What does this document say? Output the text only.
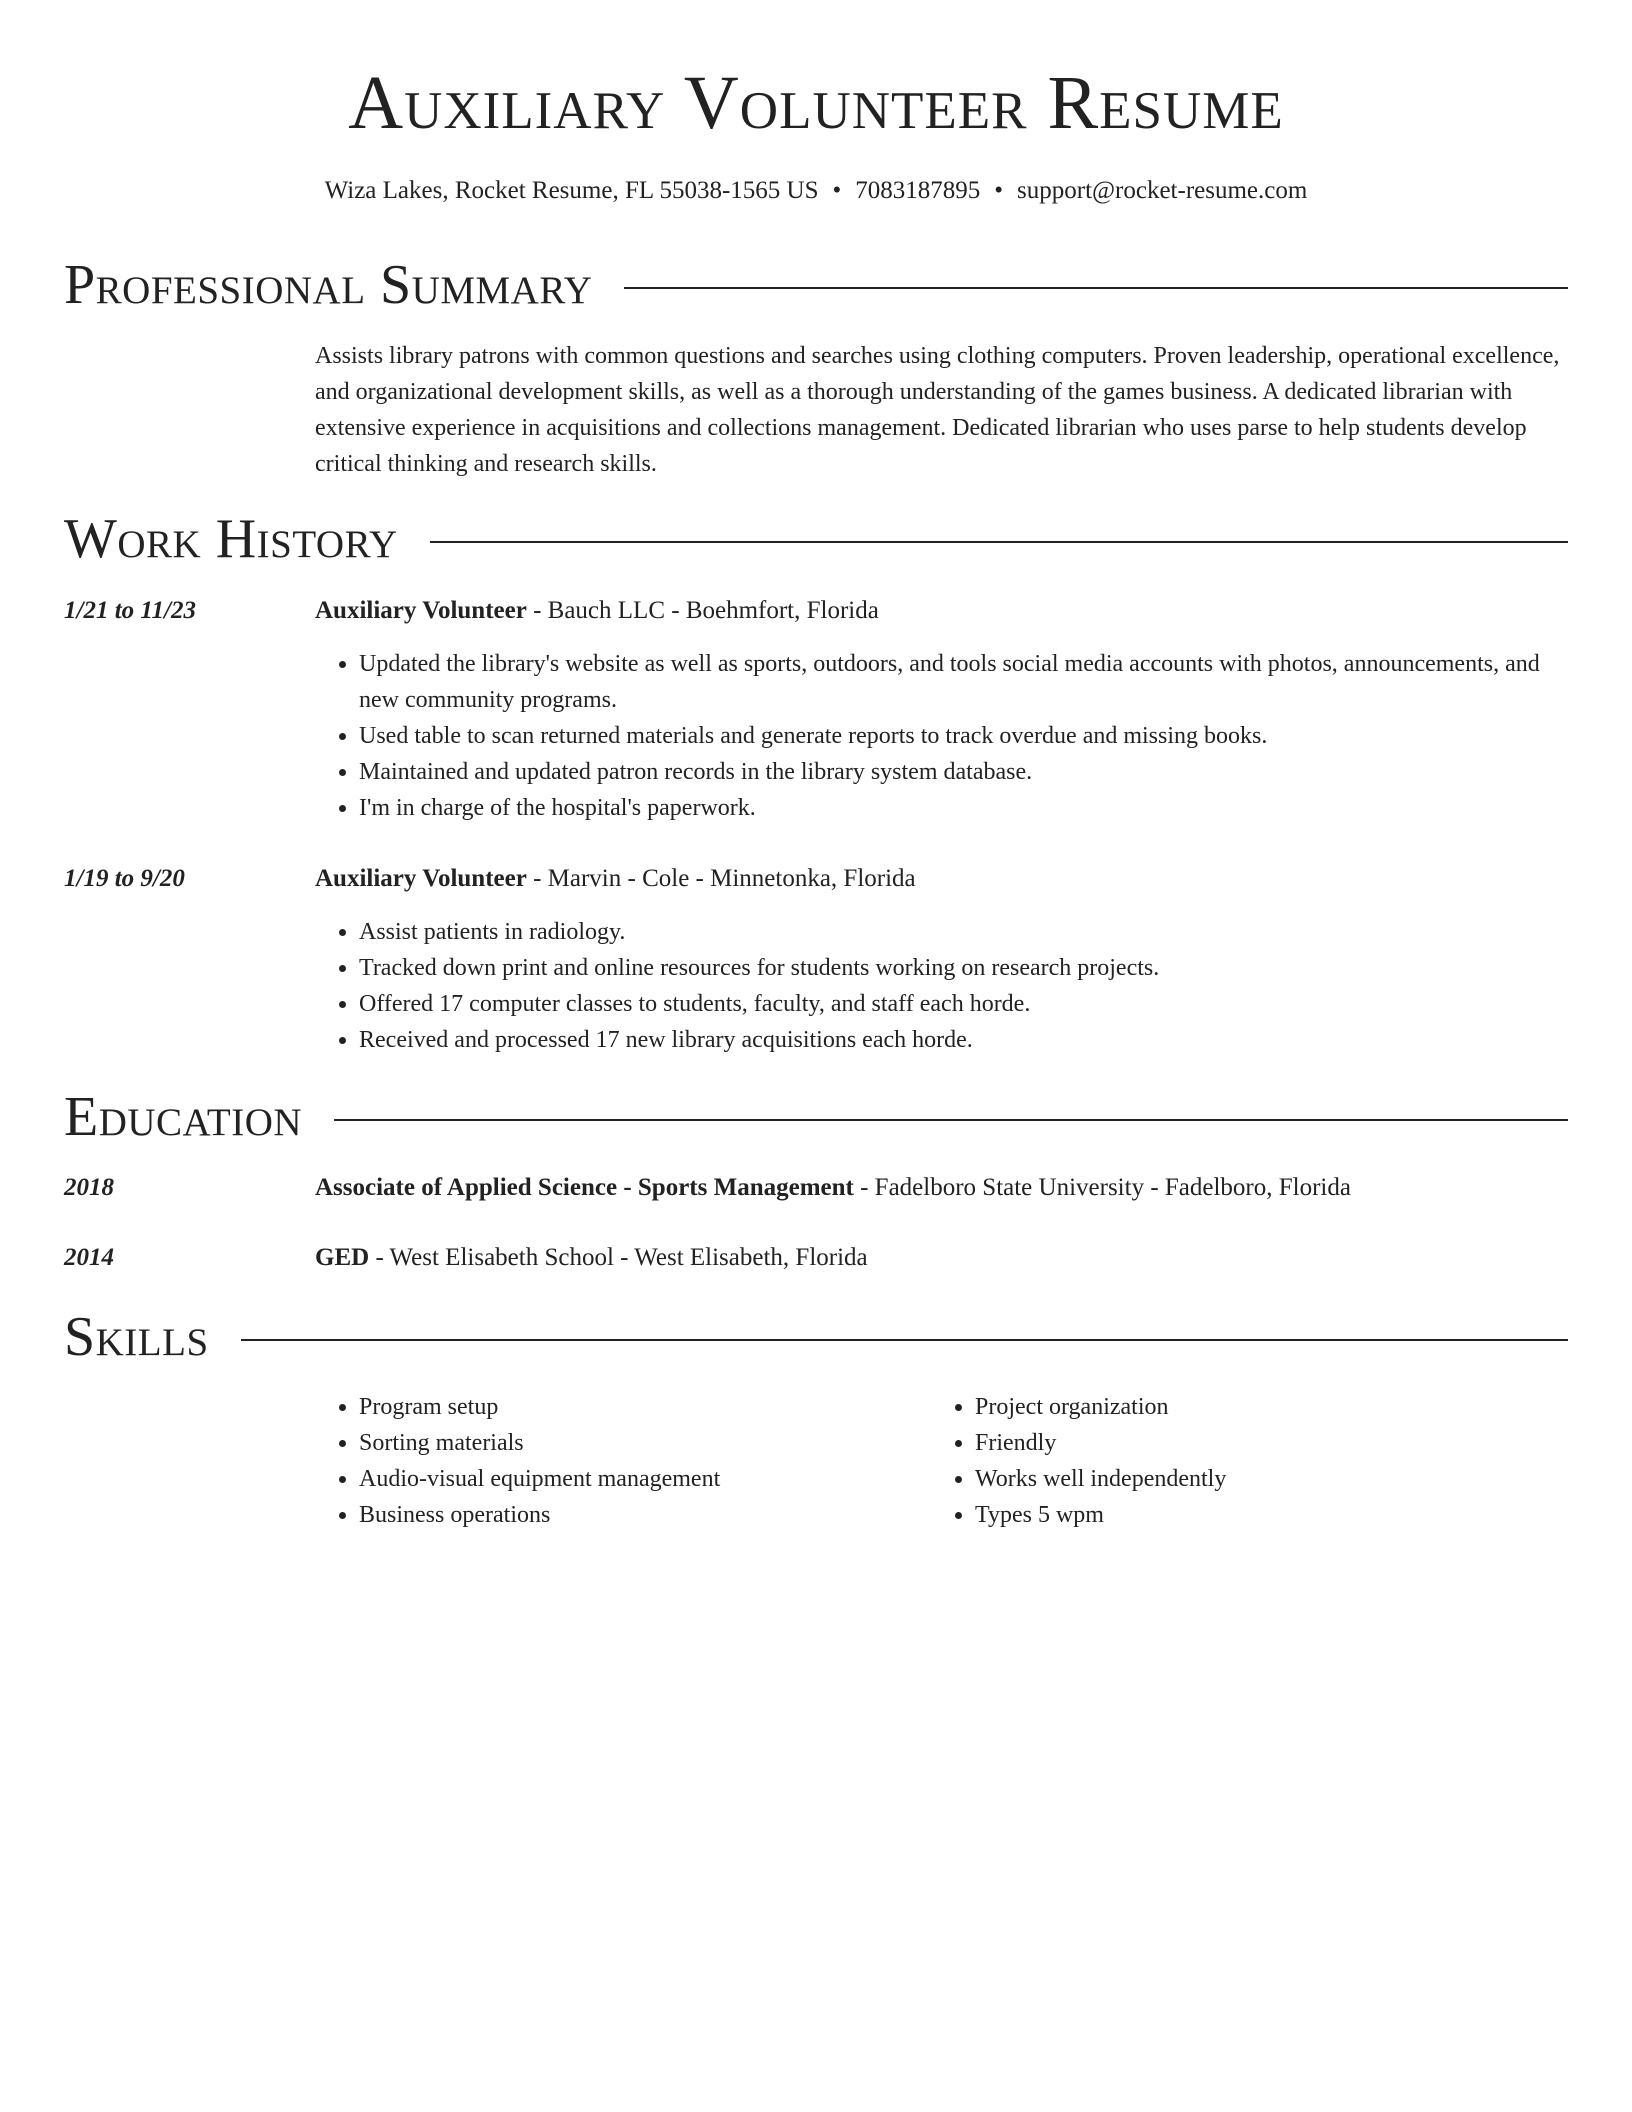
Auxiliary Volunteer Resume
Wiza Lakes, Rocket Resume, FL 55038-1565 US • 7083187895 • support@rocket-resume.com
Professional Summary
Assists library patrons with common questions and searches using clothing computers. Proven leadership, operational excellence, and organizational development skills, as well as a thorough understanding of the games business. A dedicated librarian with extensive experience in acquisitions and collections management. Dedicated librarian who uses parse to help students develop critical thinking and research skills.
Work History
1/21 to 11/23	Auxiliary Volunteer - Bauch LLC - Boehmfort, Florida
• Updated the library's website as well as sports, outdoors, and tools social media accounts with photos, announcements, and new community programs.
• Used table to scan returned materials and generate reports to track overdue and missing books.
• Maintained and updated patron records in the library system database.
• I'm in charge of the hospital's paperwork.
1/19 to 9/20	Auxiliary Volunteer - Marvin - Cole - Minnetonka, Florida
• Assist patients in radiology.
• Tracked down print and online resources for students working on research projects.
• Offered 17 computer classes to students, faculty, and staff each horde.
• Received and processed 17 new library acquisitions each horde.
Education
2018	Associate of Applied Science - Sports Management - Fadelboro State University - Fadelboro, Florida
2014	GED - West Elisabeth School - West Elisabeth, Florida
Skills
• Program setup
• Sorting materials
• Audio-visual equipment management
• Business operations
• Project organization
• Friendly
• Works well independently
• Types 5 wpm
